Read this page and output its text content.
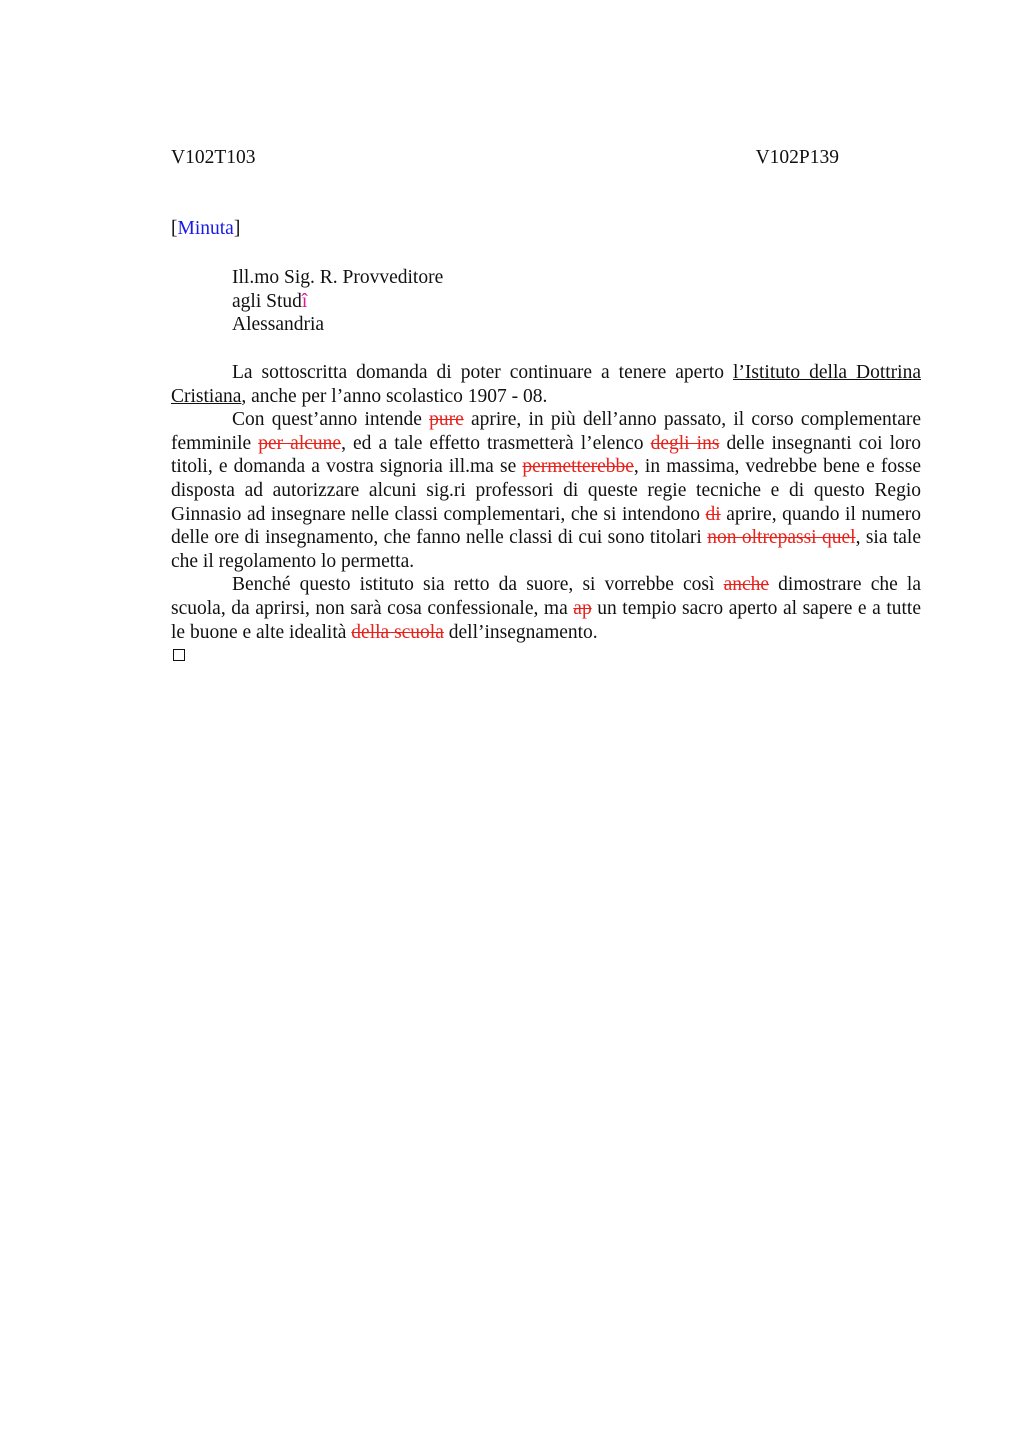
V102T103	V102P139
[Minuta]
Ill.mo Sig. R. Provveditore
agli Studî
Alessandria

La sottoscritta domanda di poter continuare a tenere aperto l’Istituto della Dottrina Cristiana, anche per l’anno scolastico 1907 - 08.

Con quest’anno intende pure aprire, in più dell’anno passato, il corso complementare femminile per alcune, ed a tale effetto trasmetterà l’elenco degli ins delle insegnanti coi loro titoli, e domanda a vostra signoria ill.ma se permetterebbe, in massima, vedrebbe bene e fosse disposta ad autorizzare alcuni sig.ri professori di queste regie tecniche e di questo Regio Ginnasio ad insegnare nelle classi complementari, che si intendono di aprire, quando il numero delle ore di insegnamento, che fanno nelle classi di cui sono titolari non oltrepassi quel, sia tale che il regolamento lo permetta.

Benché questo istituto sia retto da suore, si vorrebbe così anche dimostrare che la scuola, da aprirsi, non sarà cosa confessionale, ma ap un tempio sacro aperto al sapere e a tutte le buone e alte idealità della scuola dell’insegnamento.
